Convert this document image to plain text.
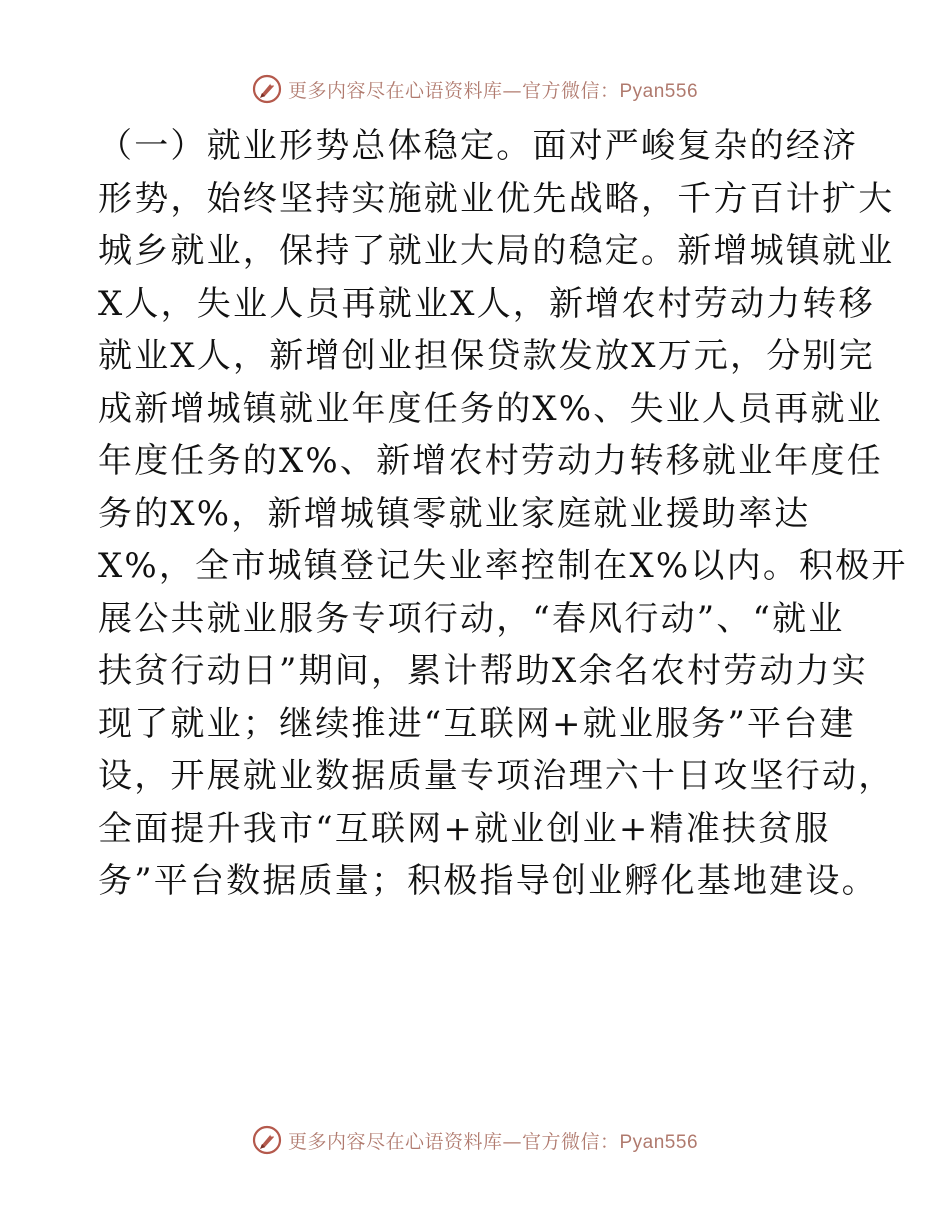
更多内容尽在心语资料库—官方微信：Pyan556
（一）就业形势总体稳定。面对严峻复杂的经济
形势，始终坚持实施就业优先战略，千方百计扩大
城乡就业，保持了就业大局的稳定。新增城镇就业
X人，失业人员再就业X人，新增农村劳动力转移
就业X人，新增创业担保贷款发放X万元，分别完
成新增城镇就业年度任务的X%、失业人员再就业
年度任务的X%、新增农村劳动力转移就业年度任
务的X%，新增城镇零就业家庭就业援助率达
X%，全市城镇登记失业率控制在X%以内。积极开
展公共就业服务专项行动，“春风行动”、“就业
扶贫行动日”期间，累计帮助X余名农村劳动力实
现了就业；继续推进“互联网+就业服务”平台建
设，开展就业数据质量专项治理六十日攻坚行动，
全面提升我市“互联网+就业创业+精准扶贫服
务”平台数据质量；积极指导创业孵化基地建设。
更多内容尽在心语资料库—官方微信：Pyan556
